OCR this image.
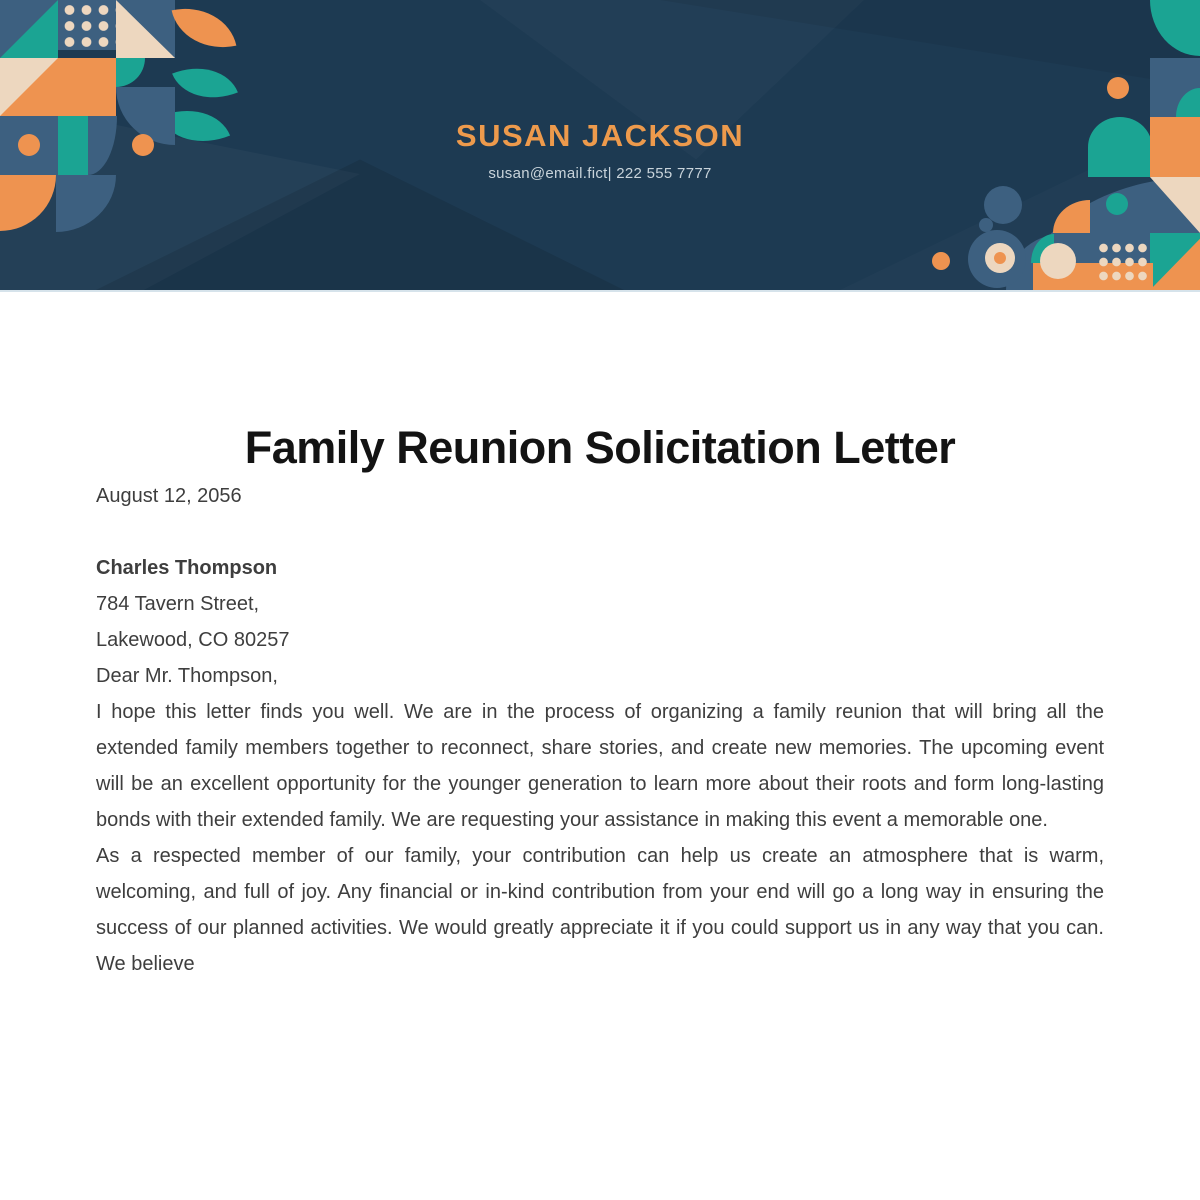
SUSAN JACKSON
susan@email.fict| 222 555 7777
Family Reunion Solicitation Letter

August 12, 2056

Charles Thompson

784 Tavern Street,

Lakewood, CO 80257

Dear Mr. Thompson,

I hope this letter finds you well. We are in the process of organizing a family reunion that will bring all the extended family members together to reconnect, share stories, and create new memories. The upcoming event will be an excellent opportunity for the younger generation to learn more about their roots and form long-lasting bonds with their extended family. We are requesting your assistance in making this event a memorable one.

As a respected member of our family, your contribution can help us create an atmosphere that is warm, welcoming, and full of joy. Any financial or in-kind contribution from your end will go a long way in ensuring the success of our planned activities. We would greatly appreciate it if you could support us in any way that you can. We believe
